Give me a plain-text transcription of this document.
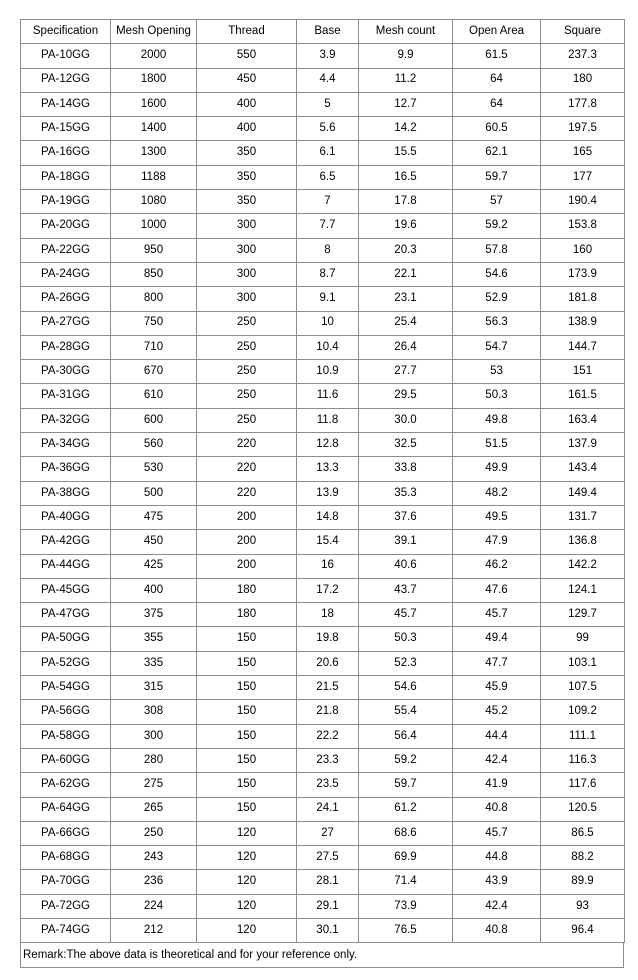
Specification	Mesh Opening	Thread	Base	Mesh count	Open Area	Square
PA-10GG	2000	550	3.9	9.9	61.5	237.3
PA-12GG	1800	450	4.4	11.2	64	180
PA-14GG	1600	400	5	12.7	64	177.8
PA-15GG	1400	400	5.6	14.2	60.5	197.5
PA-16GG	1300	350	6.1	15.5	62.1	165
PA-18GG	1188	350	6.5	16.5	59.7	177
PA-19GG	1080	350	7	17.8	57	190.4
PA-20GG	1000	300	7.7	19.6	59.2	153.8
PA-22GG	950	300	8	20.3	57.8	160
PA-24GG	850	300	8.7	22.1	54.6	173.9
PA-26GG	800	300	9.1	23.1	52.9	181.8
PA-27GG	750	250	10	25.4	56.3	138.9
PA-28GG	710	250	10.4	26.4	54.7	144.7
PA-30GG	670	250	10.9	27.7	53	151
PA-31GG	610	250	11.6	29.5	50.3	161.5
PA-32GG	600	250	11.8	30.0	49.8	163.4
PA-34GG	560	220	12.8	32.5	51.5	137.9
PA-36GG	530	220	13.3	33.8	49.9	143.4
PA-38GG	500	220	13.9	35.3	48.2	149.4
PA-40GG	475	200	14.8	37.6	49.5	131.7
PA-42GG	450	200	15.4	39.1	47.9	136.8
PA-44GG	425	200	16	40.6	46.2	142.2
PA-45GG	400	180	17.2	43.7	47.6	124.1
PA-47GG	375	180	18	45.7	45.7	129.7
PA-50GG	355	150	19.8	50.3	49.4	99
PA-52GG	335	150	20.6	52.3	47.7	103.1
PA-54GG	315	150	21.5	54.6	45.9	107.5
PA-56GG	308	150	21.8	55.4	45.2	109.2
PA-58GG	300	150	22.2	56.4	44.4	111.1
PA-60GG	280	150	23.3	59.2	42.4	116.3
PA-62GG	275	150	23.5	59.7	41.9	117.6
PA-64GG	265	150	24.1	61.2	40.8	120.5
PA-66GG	250	120	27	68.6	45.7	86.5
PA-68GG	243	120	27.5	69.9	44.8	88.2
PA-70GG	236	120	28.1	71.4	43.9	89.9
PA-72GG	224	120	29.1	73.9	42.4	93
PA-74GG	212	120	30.1	76.5	40.8	96.4
Remark:The above data is theoretical and for your reference only.
